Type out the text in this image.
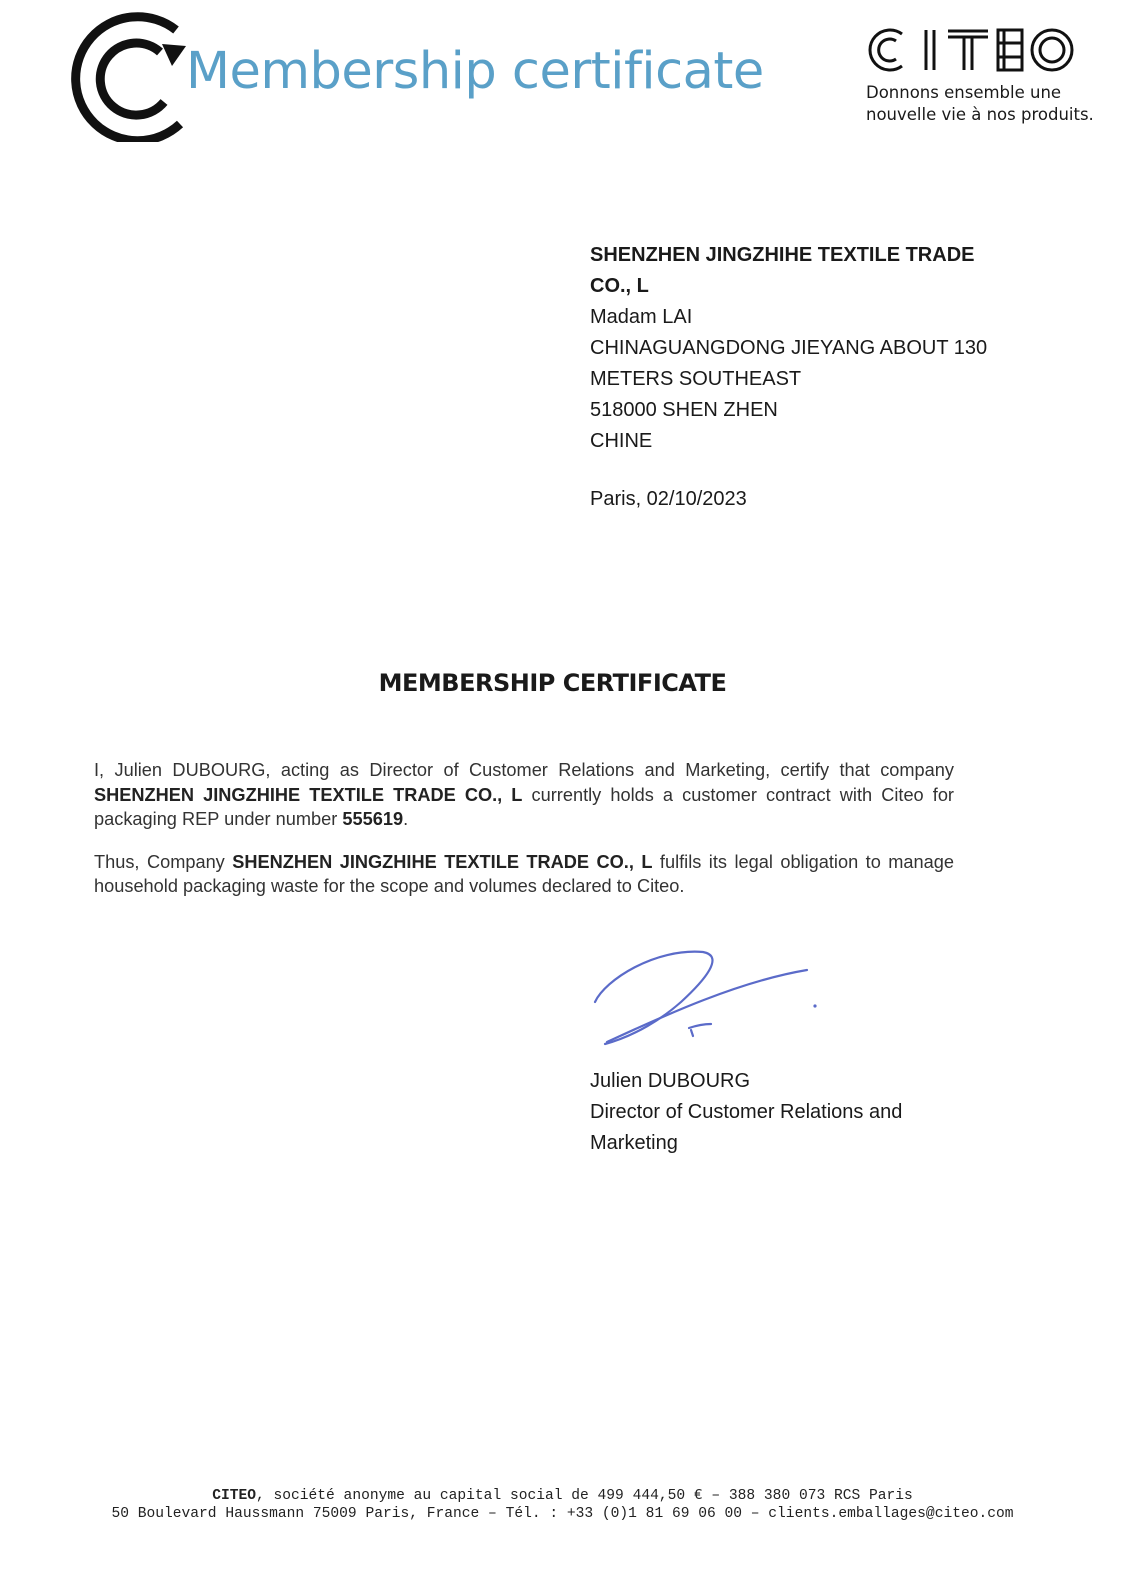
Membership certificate	Donnons ensemble une
nouvelle vie à nos produits.
SHENZHEN JINGZHIHE TEXTILE TRADE
CO., L
Madam LAI
CHINAGUANGDONG JIEYANG ABOUT 130
METERS SOUTHEAST
518000 SHEN ZHEN
CHINE
Paris, 02/10/2023
MEMBERSHIP CERTIFICATE

I, Julien DUBOURG, acting as Director of Customer Relations and Marketing, certify that company SHENZHEN JINGZHIHE TEXTILE TRADE CO., L currently holds a customer contract with Citeo for packaging REP under number 555619.

Thus, Company SHENZHEN JINGZHIHE TEXTILE TRADE CO., L fulfils its legal obligation to manage household packaging waste for the scope and volumes declared to Citeo.

Julien DUBOURG
Director of Customer Relations and
Marketing
CITEO, société anonyme au capital social de 499 444,50 € – 388 380 073 RCS Paris
50 Boulevard Haussmann 75009 Paris, France – Tél. : +33 (0)1 81 69 06 00 – clients.emballages@citeo.com
